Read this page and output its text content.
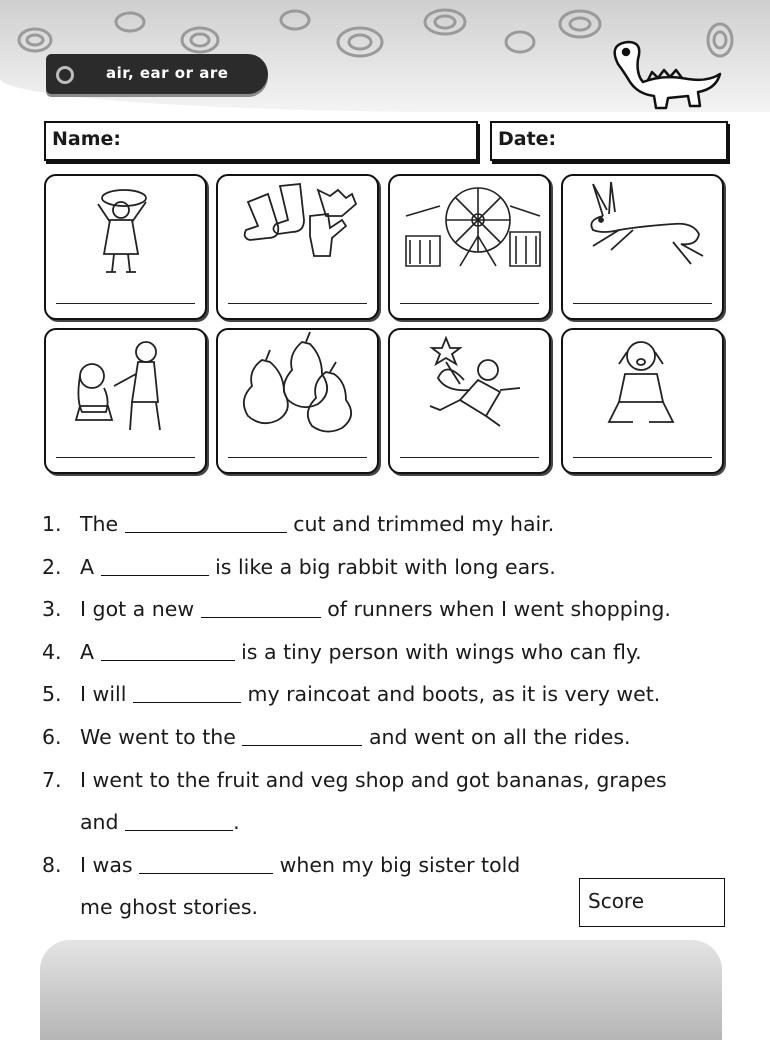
air, ear or are
Name:	Date:
1. The	cut and trimmed my hair.
2. A	is like a big rabbit with long ears.
3. I got a new	of runners when I went shopping.
4. A	is a tiny person with wings who can fly.
5. I will	my raincoat and boots, as it is very wet.
6. We went to the	and went on all the rides.
7. I went to the fruit and veg shop and got bananas, grapes
and	.
8. I was	when my big sister told
me ghost stories.	Score
